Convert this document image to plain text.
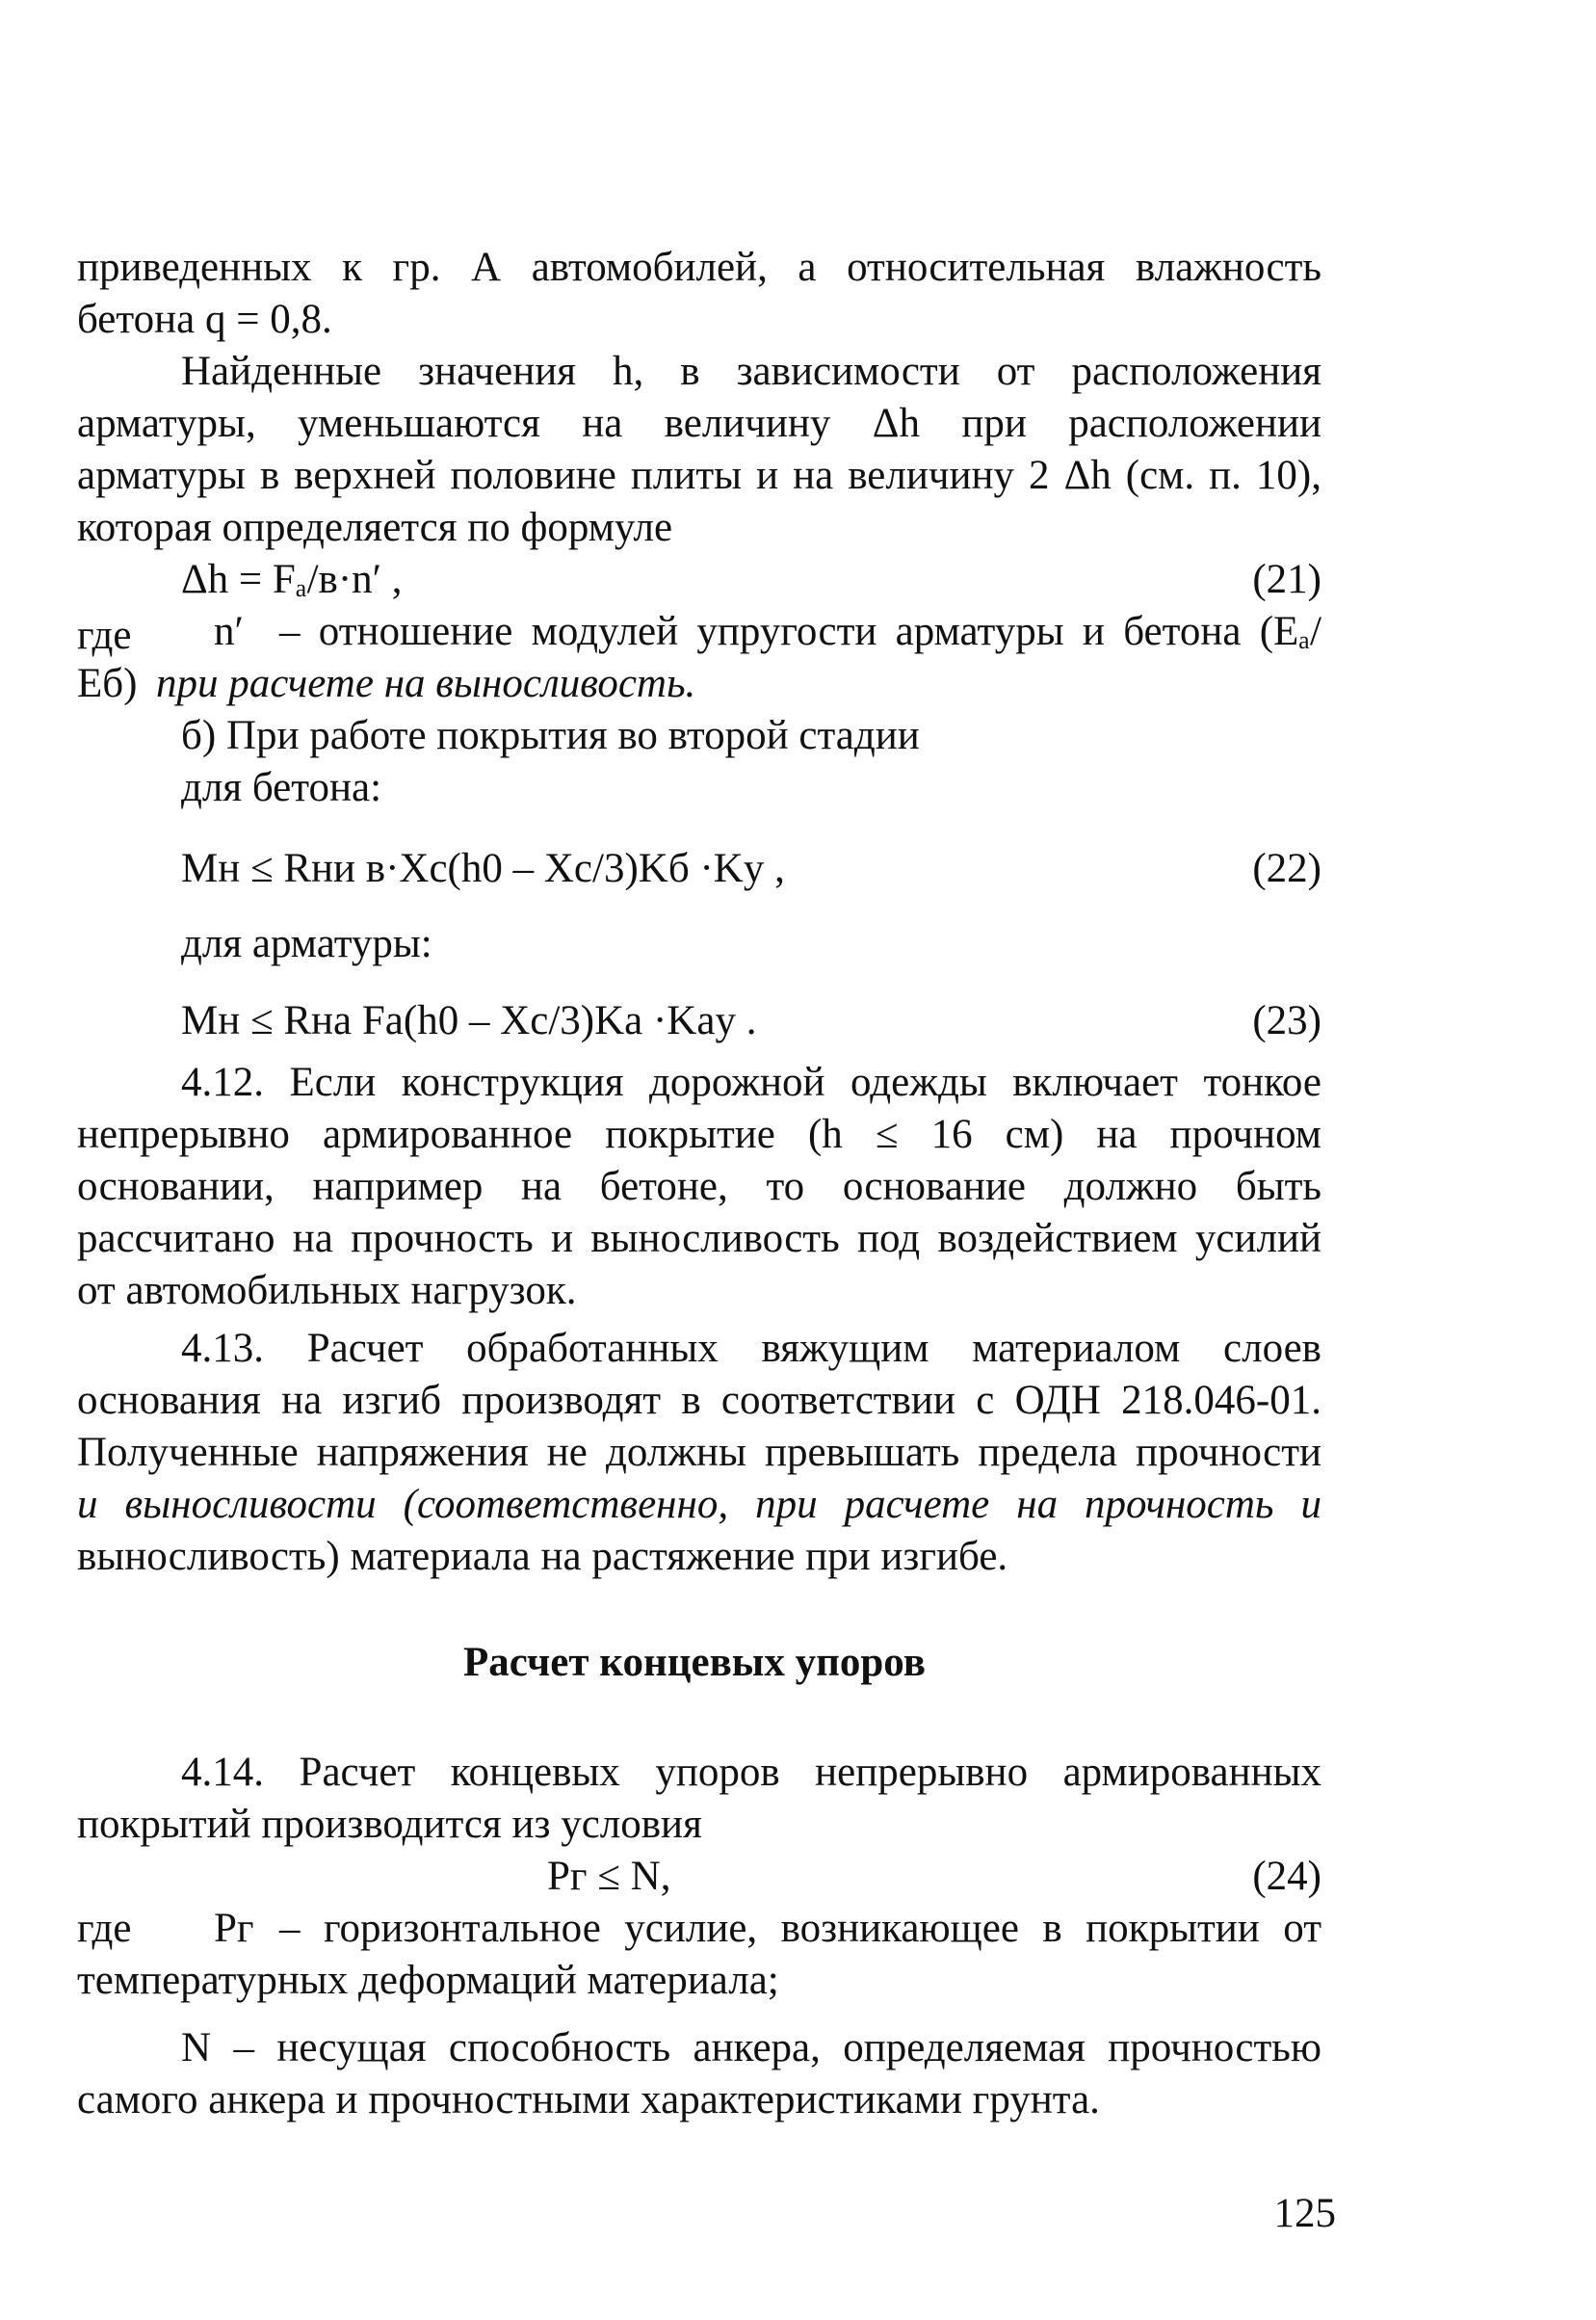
приведенных к гр. А автомобилей, а относительная влажность
бетона q = 0,8.
Найденные значения h, в зависимости от расположения
арматуры, уменьшаются на величину Δh при расположении
арматуры в верхней половине плиты и на величину 2 Δh (см. п. 10),
которая определяется по формуле
Δh = Fₐ/в·n′ ,	(21)
где n′ – отношение модулей упругости арматуры и бетона (Eₐ/
Eб) при расчете на выносливость.
б) При работе покрытия во второй стадии
для бетона:
Mн ≤ Rни в·Xc(h0 – Xc/3)Kб ·Ky ,	(22)
для арматуры:
Mн ≤ Rна Fа(h0 – Xc/3)Ka ·Kаy .	(23)
4.12. Если конструкция дорожной одежды включает тонкое
непрерывно армированное покрытие (h ≤ 16 см) на прочном
основании, например на бетоне, то основание должно быть
рассчитано на прочность и выносливость под воздействием усилий
от автомобильных нагрузок.
4.13. Расчет обработанных вяжущим материалом слоев
основания на изгиб производят в соответствии с ОДН 218.046-01.
Полученные напряжения не должны превышать предела прочности
и выносливости (соответственно, при расчете на прочность и
выносливость) материала на растяжение при изгибе.
Расчет концевых упоров
4.14. Расчет концевых упоров непрерывно армированных
покрытий производится из условия
Pг ≤ N,	(24)
где Pг – горизонтальное усилие, возникающее в покрытии от
температурных деформаций материала;
N – несущая способность анкера, определяемая прочностью
самого анкера и прочностными характеристиками грунта.
125
